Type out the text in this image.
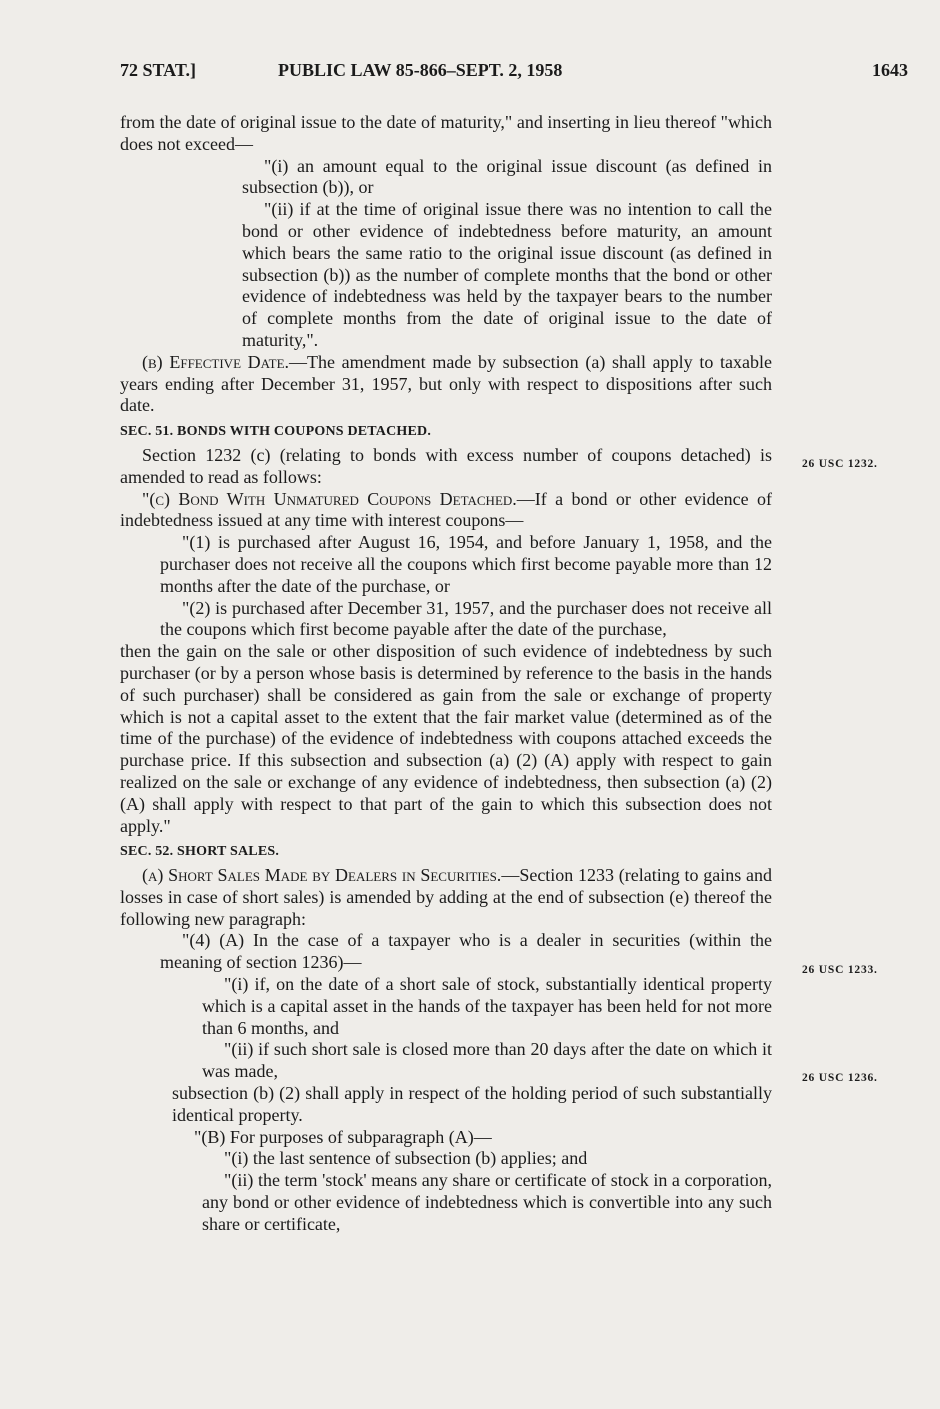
72 STAT.]	PUBLIC LAW 85-866–SEPT. 2, 1958	1643
26 USC 1232.
26 USC 1233.
26 USC 1236.

from the date of original issue to the date of maturity," and inserting in lieu thereof "which does not exceed—

"(i) an amount equal to the original issue discount (as defined in subsection (b)), or

"(ii) if at the time of original issue there was no intention to call the bond or other evidence of indebtedness before maturity, an amount which bears the same ratio to the original issue discount (as defined in subsection (b)) as the number of complete months that the bond or other evidence of indebtedness was held by the taxpayer bears to the number of complete months from the date of original issue to the date of maturity,".

(b) Effective Date.—The amendment made by subsection (a) shall apply to taxable years ending after December 31, 1957, but only with respect to dispositions after such date.

SEC. 51. BONDS WITH COUPONS DETACHED.

Section 1232 (c) (relating to bonds with excess number of coupons detached) is amended to read as follows:

"(c) Bond With Unmatured Coupons Detached.—If a bond or other evidence of indebtedness issued at any time with interest coupons—

"(1) is purchased after August 16, 1954, and before January 1, 1958, and the purchaser does not receive all the coupons which first become payable more than 12 months after the date of the purchase, or

"(2) is purchased after December 31, 1957, and the purchaser does not receive all the coupons which first become payable after the date of the purchase,

then the gain on the sale or other disposition of such evidence of indebtedness by such purchaser (or by a person whose basis is determined by reference to the basis in the hands of such purchaser) shall be considered as gain from the sale or exchange of property which is not a capital asset to the extent that the fair market value (determined as of the time of the purchase) of the evidence of indebtedness with coupons attached exceeds the purchase price. If this subsection and subsection (a) (2) (A) apply with respect to gain realized on the sale or exchange of any evidence of indebtedness, then subsection (a) (2) (A) shall apply with respect to that part of the gain to which this subsection does not apply."

SEC. 52. SHORT SALES.

(a) Short Sales Made by Dealers in Securities.—Section 1233 (relating to gains and losses in case of short sales) is amended by adding at the end of subsection (e) thereof the following new paragraph:

"(4) (A) In the case of a taxpayer who is a dealer in securities (within the meaning of section 1236)—

"(i) if, on the date of a short sale of stock, substantially identical property which is a capital asset in the hands of the taxpayer has been held for not more than 6 months, and

"(ii) if such short sale is closed more than 20 days after the date on which it was made,

subsection (b) (2) shall apply in respect of the holding period of such substantially identical property.

"(B) For purposes of subparagraph (A)—

"(i) the last sentence of subsection (b) applies; and

"(ii) the term 'stock' means any share or certificate of stock in a corporation, any bond or other evidence of indebtedness which is convertible into any such share or certificate,
